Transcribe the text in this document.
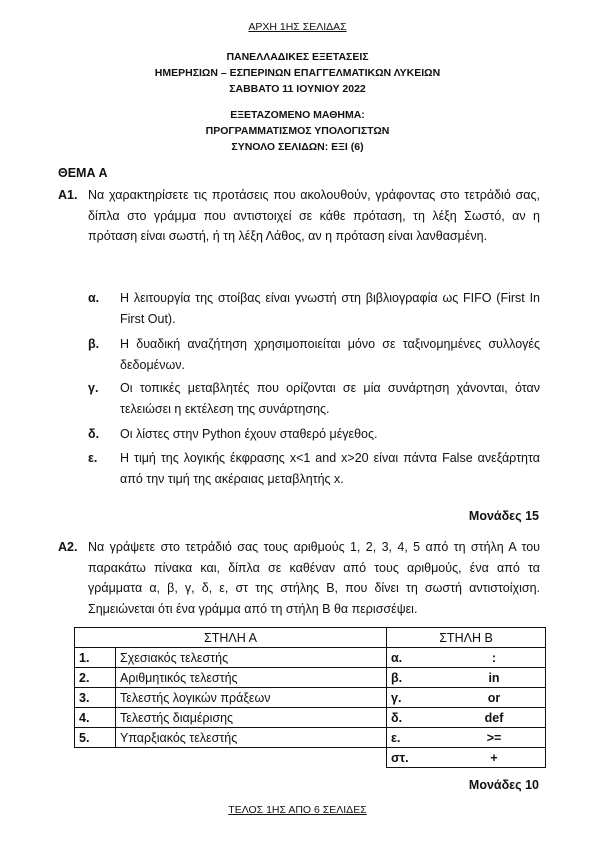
ΑΡΧΗ 1ΗΣ ΣΕΛΙΔΑΣ
ΠΑΝΕΛΛΑΔΙΚΕΣ ΕΞΕΤΑΣΕΙΣ
ΗΜΕΡΗΣΙΩΝ – ΕΣΠΕΡΙΝΩΝ ΕΠΑΓΓΕΛΜΑΤΙΚΩΝ ΛΥΚΕΙΩΝ
ΣΑΒΒΑΤΟ 11 ΙΟΥΝΙΟΥ 2022
ΕΞΕΤΑΖΟΜΕΝΟ ΜΑΘΗΜΑ:
ΠΡΟΓΡΑΜΜΑΤΙΣΜΟΣ ΥΠΟΛΟΓΙΣΤΩΝ
ΣΥΝΟΛΟ ΣΕΛΙΔΩΝ: ΕΞΙ (6)
ΘΕΜΑ Α
Α1. Να χαρακτηρίσετε τις προτάσεις που ακολουθούν, γράφοντας στο τετράδιό σας, δίπλα στο γράμμα που αντιστοιχεί σε κάθε πρόταση, τη λέξη Σωστό, αν η πρόταση είναι σωστή, ή τη λέξη Λάθος, αν η πρόταση είναι λανθασμένη.
α. Η λειτουργία της στοίβας είναι γνωστή στη βιβλιογραφία ως FIFO (First In First Out).
β. Η δυαδική αναζήτηση χρησιμοποιείται μόνο σε ταξινομημένες συλλογές δεδομένων.
γ. Οι τοπικές μεταβλητές που ορίζονται σε μία συνάρτηση χάνονται, όταν τελειώσει η εκτέλεση της συνάρτησης.
δ. Οι λίστες στην Python έχουν σταθερό μέγεθος.
ε. Η τιμή της λογικής έκφρασης x<1 and x>20 είναι πάντα False ανεξάρτητα από την τιμή της ακέραιας μεταβλητής x.
Μονάδες 15
Α2. Να γράψετε στο τετράδιό σας τους αριθμούς 1, 2, 3, 4, 5 από τη στήλη Α του παρακάτω πίνακα και, δίπλα σε καθέναν από τους αριθμούς, ένα από τα γράμματα α, β, γ, δ, ε, στ της στήλης Β, που δίνει τη σωστή αντιστοίχιση. Σημειώνεται ότι ένα γράμμα από τη στήλη Β θα περισσέψει.
ΣΤΗΛΗ Α		ΣΤΗΛΗ Β	
1.	Σχεσιακός τελεστής	α.	:
2.	Αριθμητικός τελεστής	β.	in
3.	Τελεστής λογικών πράξεων	γ.	or
4.	Τελεστής διαμέρισης	δ.	def
5.	Υπαρξιακός τελεστής	ε.	>=
		στ.	+
Μονάδες 10
ΤΕΛΟΣ 1ΗΣ ΑΠΟ 6 ΣΕΛΙΔΕΣ
